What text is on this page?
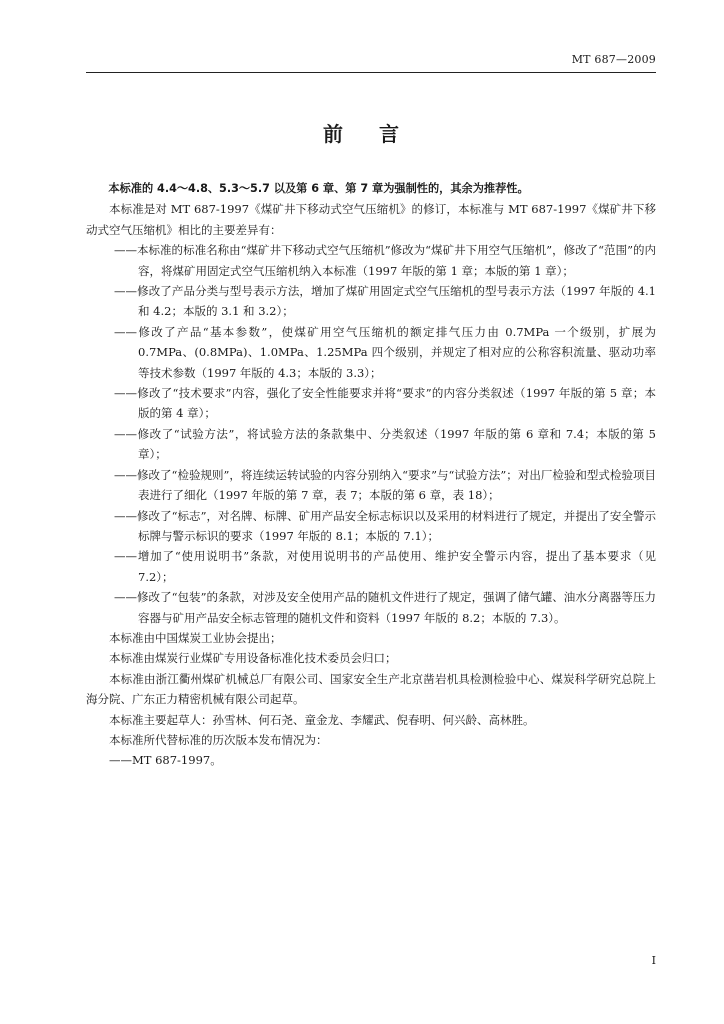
MT 687—2009
前 言

本标准的 4.4～4.8、5.3～5.7 以及第 6 章、第 7 章为强制性的，其余为推荐性。

本标准是对 MT 687-1997《煤矿井下移动式空气压缩机》的修订，本标准与 MT 687-1997《煤矿井下移动式空气压缩机》相比的主要差异有：

——本标准的标准名称由“煤矿井下移动式空气压缩机”修改为“煤矿井下用空气压缩机”，修改了“范围”的内容，将煤矿用固定式空气压缩机纳入本标准（1997 年版的第 1 章；本版的第 1 章）；

——修改了产品分类与型号表示方法，增加了煤矿用固定式空气压缩机的型号表示方法（1997 年版的 4.1 和 4.2；本版的 3.1 和 3.2）；

——修改了产品“基本参数”，使煤矿用空气压缩机的额定排气压力由 0.7MPa 一个级别，扩展为 0.7MPa、(0.8MPa)、1.0MPa、1.25MPa 四个级别，并规定了相对应的公称容积流量、驱动功率等技术参数（1997 年版的 4.3；本版的 3.3）；

——修改了“技术要求”内容，强化了安全性能要求并将“要求”的内容分类叙述（1997 年版的第 5 章；本版的第 4 章）；

——修改了“试验方法”，将试验方法的条款集中、分类叙述（1997 年版的第 6 章和 7.4；本版的第 5 章）；

——修改了“检验规则”，将连续运转试验的内容分别纳入“要求”与“试验方法”；对出厂检验和型式检验项目表进行了细化（1997 年版的第 7 章，表 7；本版的第 6 章，表 18）；

——修改了“标志”，对名牌、标牌、矿用产品安全标志标识以及采用的材料进行了规定，并提出了安全警示标牌与警示标识的要求（1997 年版的 8.1；本版的 7.1）；

——增加了“使用说明书”条款，对使用说明书的产品使用、维护安全警示内容，提出了基本要求（见 7.2）；

——修改了“包装”的条款，对涉及安全使用产品的随机文件进行了规定，强调了储气罐、油水分离器等压力容器与矿用产品安全标志管理的随机文件和资料（1997 年版的 8.2；本版的 7.3）。

本标准由中国煤炭工业协会提出；

本标准由煤炭行业煤矿专用设备标准化技术委员会归口；

本标准由浙江衢州煤矿机械总厂有限公司、国家安全生产北京凿岩机具检测检验中心、煤炭科学研究总院上海分院、广东正力精密机械有限公司起草。

本标准主要起草人：孙雪林、何石尧、童金龙、李耀武、倪春明、何兴龄、高林胜。

本标准所代替标准的历次版本发布情况为：

——MT 687-1997。

I
